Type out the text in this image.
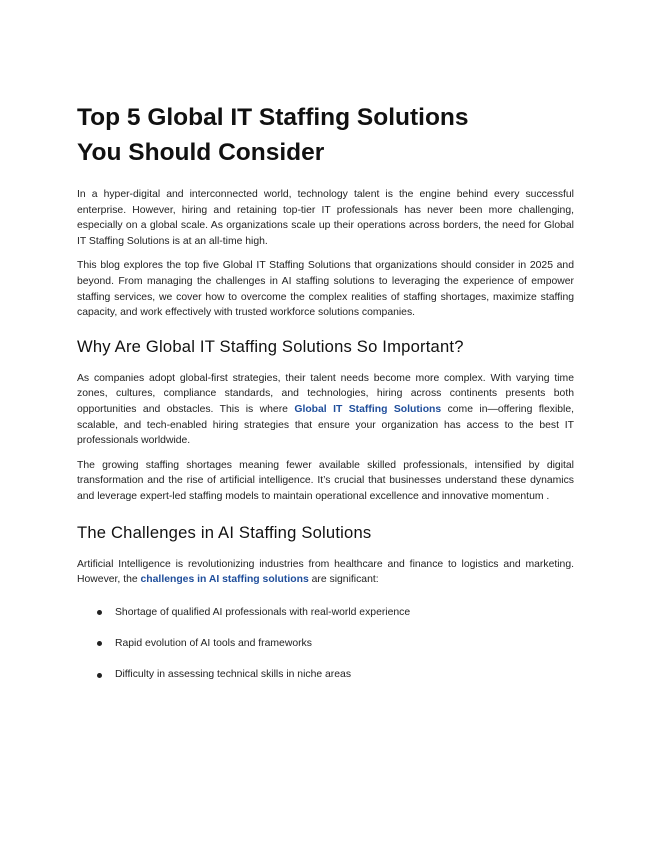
Top 5 Global IT Staffing Solutions
You Should Consider

In a hyper-digital and interconnected world, technology talent is the engine behind every successful enterprise. However, hiring and retaining top-tier IT professionals has never been more challenging, especially on a global scale. As organizations scale up their operations across borders, the need for Global IT Staffing Solutions is at an all-time high.

This blog explores the top five Global IT Staffing Solutions that organizations should consider in 2025 and beyond. From managing the challenges in AI staffing solutions to leveraging the experience of empower staffing services, we cover how to overcome the complex realities of staffing shortages, maximize staffing capacity, and work effectively with trusted workforce solutions companies.

Why Are Global IT Staffing Solutions So Important?

As companies adopt global-first strategies, their talent needs become more complex. With varying time zones, cultures, compliance standards, and technologies, hiring across continents presents both opportunities and obstacles. This is where Global IT Staffing Solutions come in—offering flexible, scalable, and tech-enabled hiring strategies that ensure your organization has access to the best IT professionals worldwide.

The growing staffing shortages meaning fewer available skilled professionals, intensified by digital transformation and the rise of artificial intelligence. It’s crucial that businesses understand these dynamics and leverage expert-led staffing models to maintain operational excellence and innovative momentum .

The Challenges in AI Staffing Solutions

Artificial Intelligence is revolutionizing industries from healthcare and finance to logistics and marketing. However, the challenges in AI staffing solutions are significant:

Shortage of qualified AI professionals with real-world experience
Rapid evolution of AI tools and frameworks
Difficulty in assessing technical skills in niche areas
